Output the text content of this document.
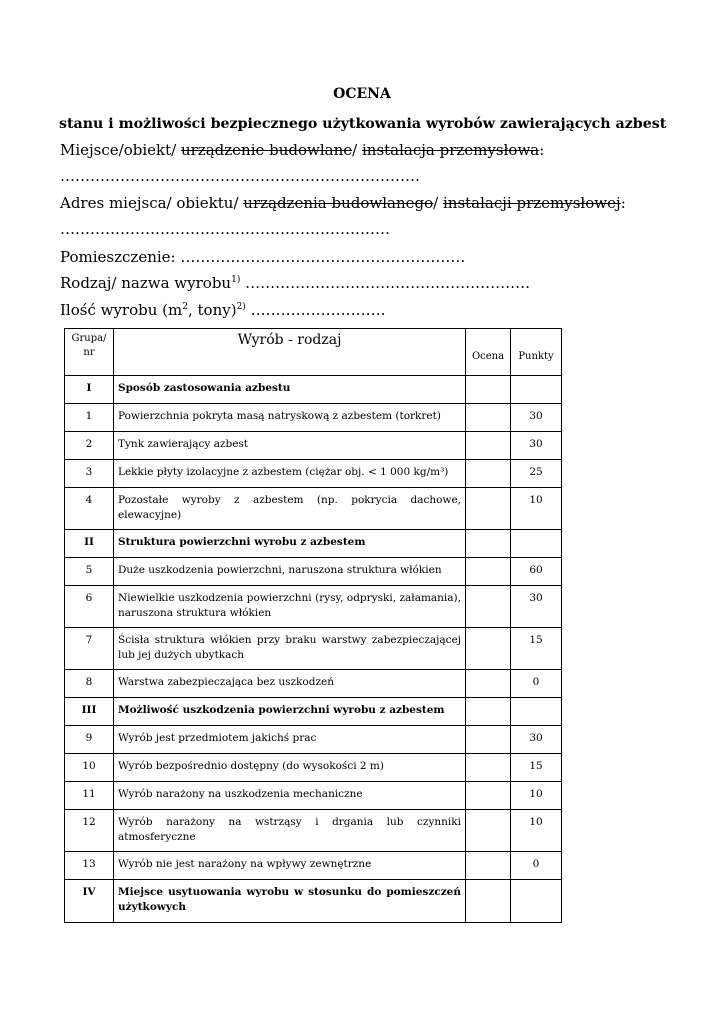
OCENA
stanu i możliwości bezpiecznego użytkowania wyrobów zawierających azbest
Miejsce/obiekt/ urządzenie budowlane/ instalacja przemysłowa:
………………………………………………………………
Adres miejsca/ obiektu/ urządzenia budowlanego/ instalacji przemysłowej:
…………………………………………………………
Pomieszczenie: …………………………………………………
Rodzaj/ nazwa wyrobu$^{1)}$ …………………………………………………
Ilość wyrobu ($m^2$, tony)$^{2)}$ ………………………
Grupa/
nr	Wyrób - rodzaj	Ocena	Punkty
I	Sposób zastosowania azbestu		
1	Powierzchnia pokryta masą natryskową z azbestem (torkret)		30
2	Tynk zawierający azbest		30
3	Lekkie płyty izolacyjne z azbestem (ciężar obj. < 1 000 kg/m³)		25
4	Pozostałe wyroby z azbestem (np. pokrycia dachowe, elewacyjne)		10
II	Struktura powierzchni wyrobu z azbestem		
5	Duże uszkodzenia powierzchni, naruszona struktura włókien		60
6	Niewielkie uszkodzenia powierzchni (rysy, odpryski, załamania), naruszona struktura włókien		30
7	Ścisła struktura włókien przy braku warstwy zabezpieczającej lub jej dużych ubytkach		15
8	Warstwa zabezpieczająca bez uszkodzeń		0
III	Możliwość uszkodzenia powierzchni wyrobu z azbestem		
9	Wyrób jest przedmiotem jakichś prac		30
10	Wyrób bezpośrednio dostępny (do wysokości 2 m)		15
11	Wyrób narażony na uszkodzenia mechaniczne		10
12	Wyrób narażony na wstrząsy i drgania lub czynniki atmosferyczne		10
13	Wyrób nie jest narażony na wpływy zewnętrzne		0
IV	Miejsce usytuowania wyrobu w stosunku do pomieszczeń użytkowych		
